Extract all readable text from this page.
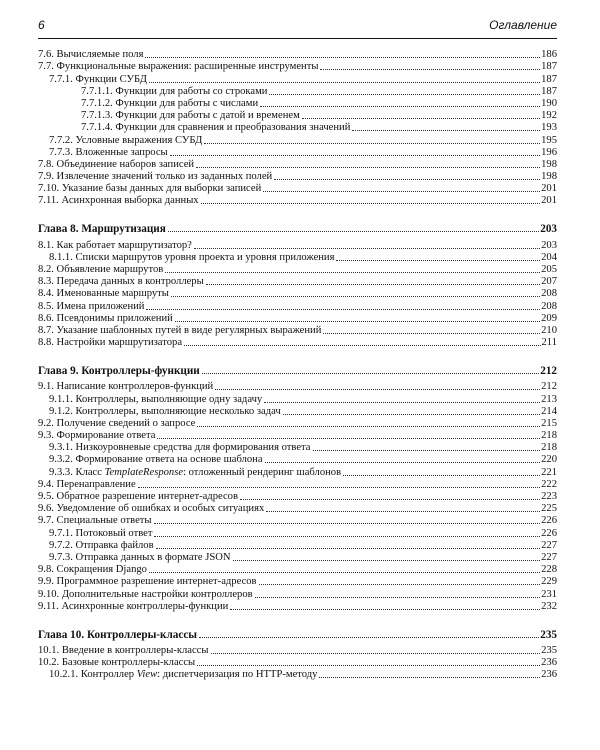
6	Оглавление
7.6. Вычисляемые поля	186
7.7. Функциональные выражения: расширенные инструменты	187
7.7.1. Функции СУБД	187
7.7.1.1. Функции для работы со строками	187
7.7.1.2. Функции для работы с числами	190
7.7.1.3. Функции для работы с датой и временем	192
7.7.1.4. Функции для сравнения и преобразования значений	193
7.7.2. Условные выражения СУБД	195
7.7.3. Вложенные запросы	196
7.8. Объединение наборов записей	198
7.9. Извлечение значений только из заданных полей	198
7.10. Указание базы данных для выборки записей	201
7.11. Асинхронная выборка данных	201
Глава 8. Маршрутизация	203
8.1. Как работает маршрутизатор?	203
8.1.1. Списки маршрутов уровня проекта и уровня приложения	204
8.2. Объявление маршрутов	205
8.3. Передача данных в контроллеры	207
8.4. Именованные маршруты	208
8.5. Имена приложений	208
8.6. Псевдонимы приложений	209
8.7. Указание шаблонных путей в виде регулярных выражений	210
8.8. Настройки маршрутизатора	211
Глава 9. Контроллеры-функции	212
9.1. Написание контроллеров-функций	212
9.1.1. Контроллеры, выполняющие одну задачу	213
9.1.2. Контроллеры, выполняющие несколько задач	214
9.2. Получение сведений о запросе	215
9.3. Формирование ответа	218
9.3.1. Низкоуровневые средства для формирования ответа	218
9.3.2. Формирование ответа на основе шаблона	220
9.3.3. Класс TemplateResponse: отложенный рендеринг шаблонов	221
9.4. Перенаправление	222
9.5. Обратное разрешение интернет-адресов	223
9.6. Уведомление об ошибках и особых ситуациях	225
9.7. Специальные ответы	226
9.7.1. Потоковый ответ	226
9.7.2. Отправка файлов	227
9.7.3. Отправка данных в формате JSON	227
9.8. Сокращения Django	228
9.9. Программное разрешение интернет-адресов	229
9.10. Дополнительные настройки контроллеров	231
9.11. Асинхронные контроллеры-функции	232
Глава 10. Контроллеры-классы	235
10.1. Введение в контроллеры-классы	235
10.2. Базовые контроллеры-классы	236
10.2.1. Контроллер View: диспетчеризация по HTTP-методу	236
